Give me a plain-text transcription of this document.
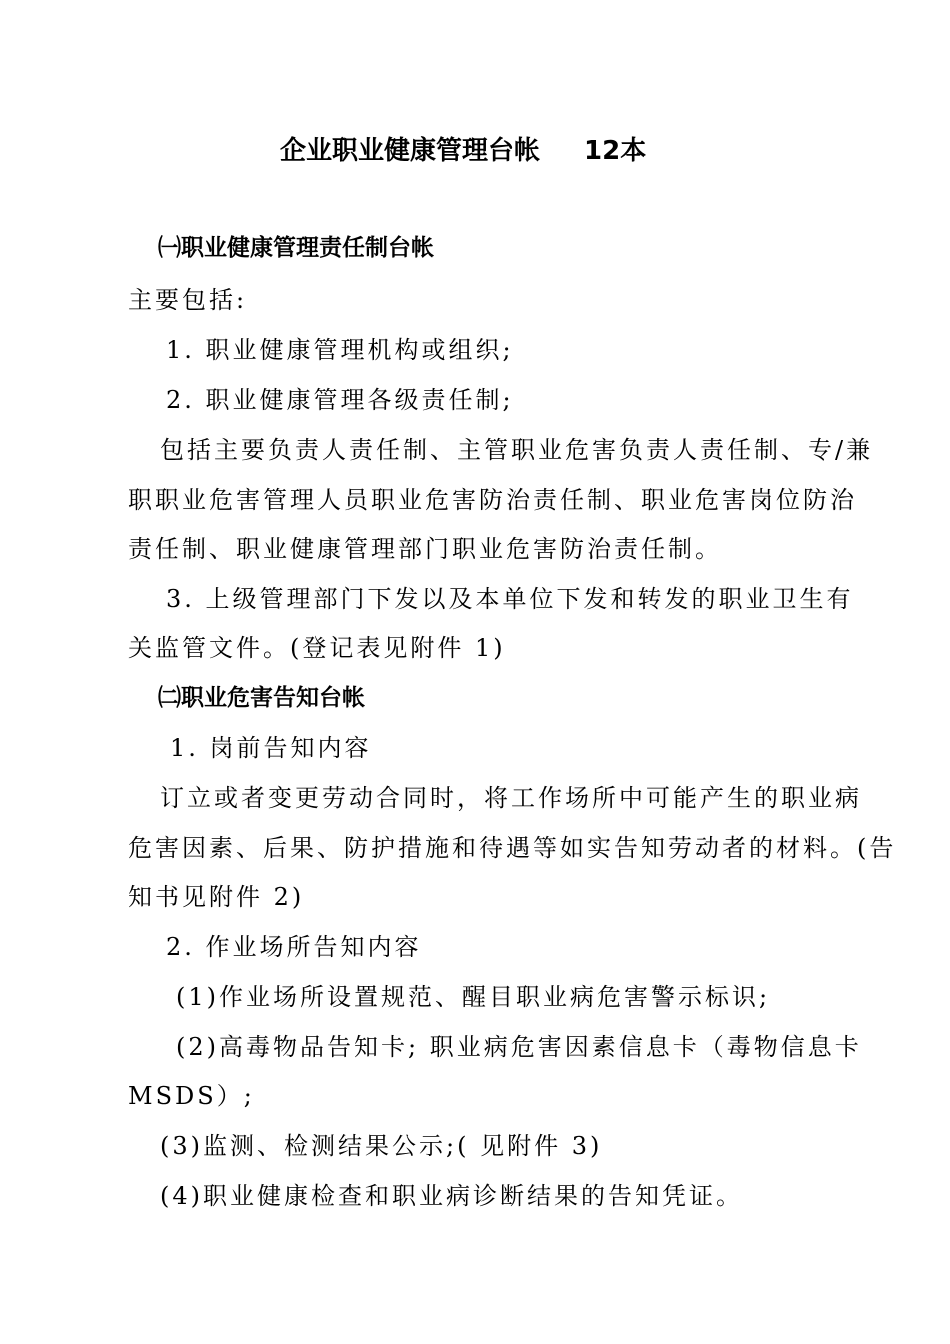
企业职业健康管理台帐 12本
㈠职业健康管理责任制台帐
主要包括:
1. 职业健康管理机构或组织;
2. 职业健康管理各级责任制;
包括主要负责人责任制、主管职业危害负责人责任制、专/兼
职职业危害管理人员职业危害防治责任制、职业危害岗位防治
责任制、职业健康管理部门职业危害防治责任制。
3. 上级管理部门下发以及本单位下发和转发的职业卫生有
关监管文件。(登记表见附件 1)
㈡职业危害告知台帐
1. 岗前告知内容
订立或者变更劳动合同时，将工作场所中可能产生的职业病
危害因素、后果、防护措施和待遇等如实告知劳动者的材料。(告
知书见附件 2)
2. 作业场所告知内容
(1)作业场所设置规范、醒目职业病危害警示标识;
(2)高毒物品告知卡; 职业病危害因素信息卡（毒物信息卡
MSDS）;
(3)监测、检测结果公示;( 见附件 3)
(4)职业健康检查和职业病诊断结果的告知凭证。
